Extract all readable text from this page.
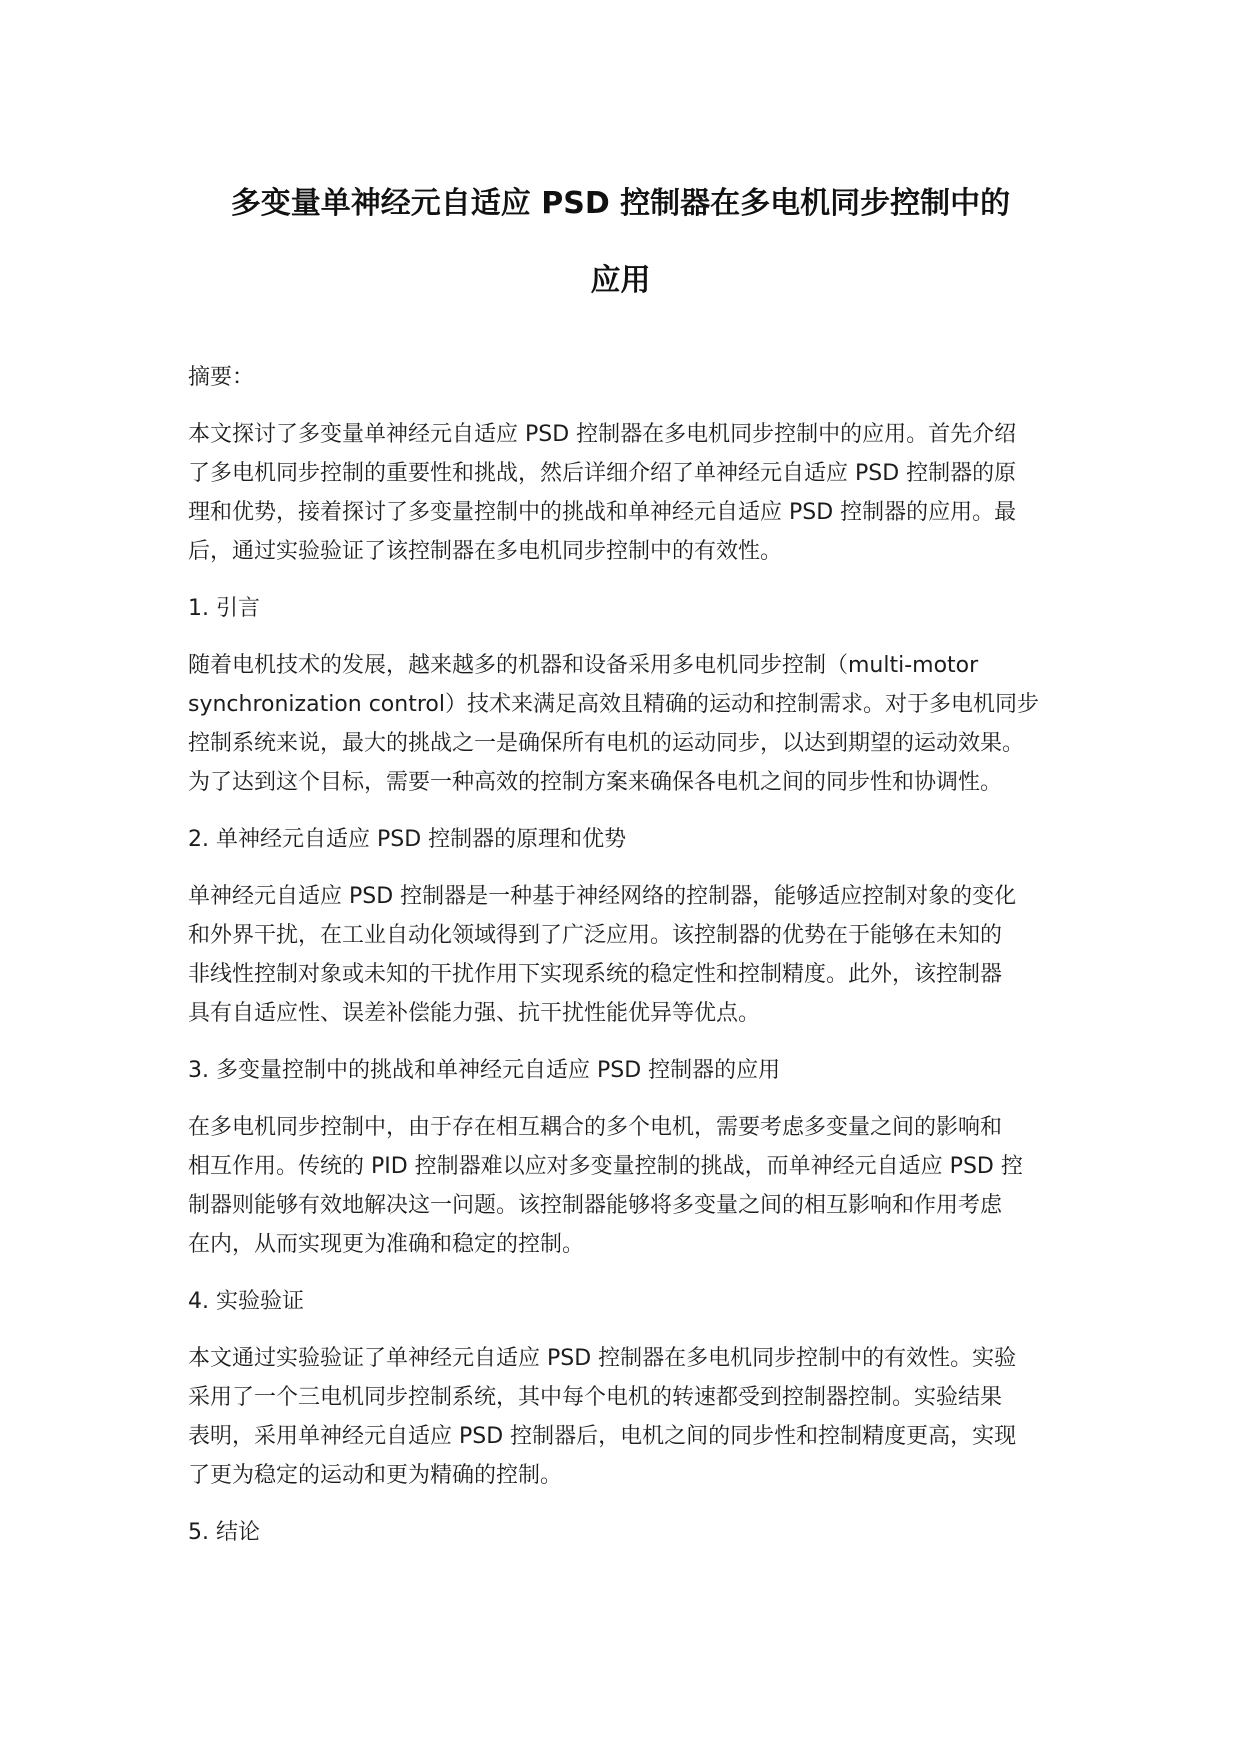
多变量单神经元自适应 PSD 控制器在多电机同步控制中的
应用
摘要：
本文探讨了多变量单神经元自适应 PSD 控制器在多电机同步控制中的应用。首先介绍
了多电机同步控制的重要性和挑战，然后详细介绍了单神经元自适应 PSD 控制器的原
理和优势，接着探讨了多变量控制中的挑战和单神经元自适应 PSD 控制器的应用。最
后，通过实验验证了该控制器在多电机同步控制中的有效性。
1. 引言
随着电机技术的发展，越来越多的机器和设备采用多电机同步控制（multi-motor
synchronization control）技术来满足高效且精确的运动和控制需求。对于多电机同步
控制系统来说，最大的挑战之一是确保所有电机的运动同步，以达到期望的运动效果。
为了达到这个目标，需要一种高效的控制方案来确保各电机之间的同步性和协调性。
2. 单神经元自适应 PSD 控制器的原理和优势
单神经元自适应 PSD 控制器是一种基于神经网络的控制器，能够适应控制对象的变化
和外界干扰，在工业自动化领域得到了广泛应用。该控制器的优势在于能够在未知的
非线性控制对象或未知的干扰作用下实现系统的稳定性和控制精度。此外，该控制器
具有自适应性、误差补偿能力强、抗干扰性能优异等优点。
3. 多变量控制中的挑战和单神经元自适应 PSD 控制器的应用
在多电机同步控制中，由于存在相互耦合的多个电机，需要考虑多变量之间的影响和
相互作用。传统的 PID 控制器难以应对多变量控制的挑战，而单神经元自适应 PSD 控
制器则能够有效地解决这一问题。该控制器能够将多变量之间的相互影响和作用考虑
在内，从而实现更为准确和稳定的控制。
4. 实验验证
本文通过实验验证了单神经元自适应 PSD 控制器在多电机同步控制中的有效性。实验
采用了一个三电机同步控制系统，其中每个电机的转速都受到控制器控制。实验结果
表明，采用单神经元自适应 PSD 控制器后，电机之间的同步性和控制精度更高，实现
了更为稳定的运动和更为精确的控制。
5. 结论
